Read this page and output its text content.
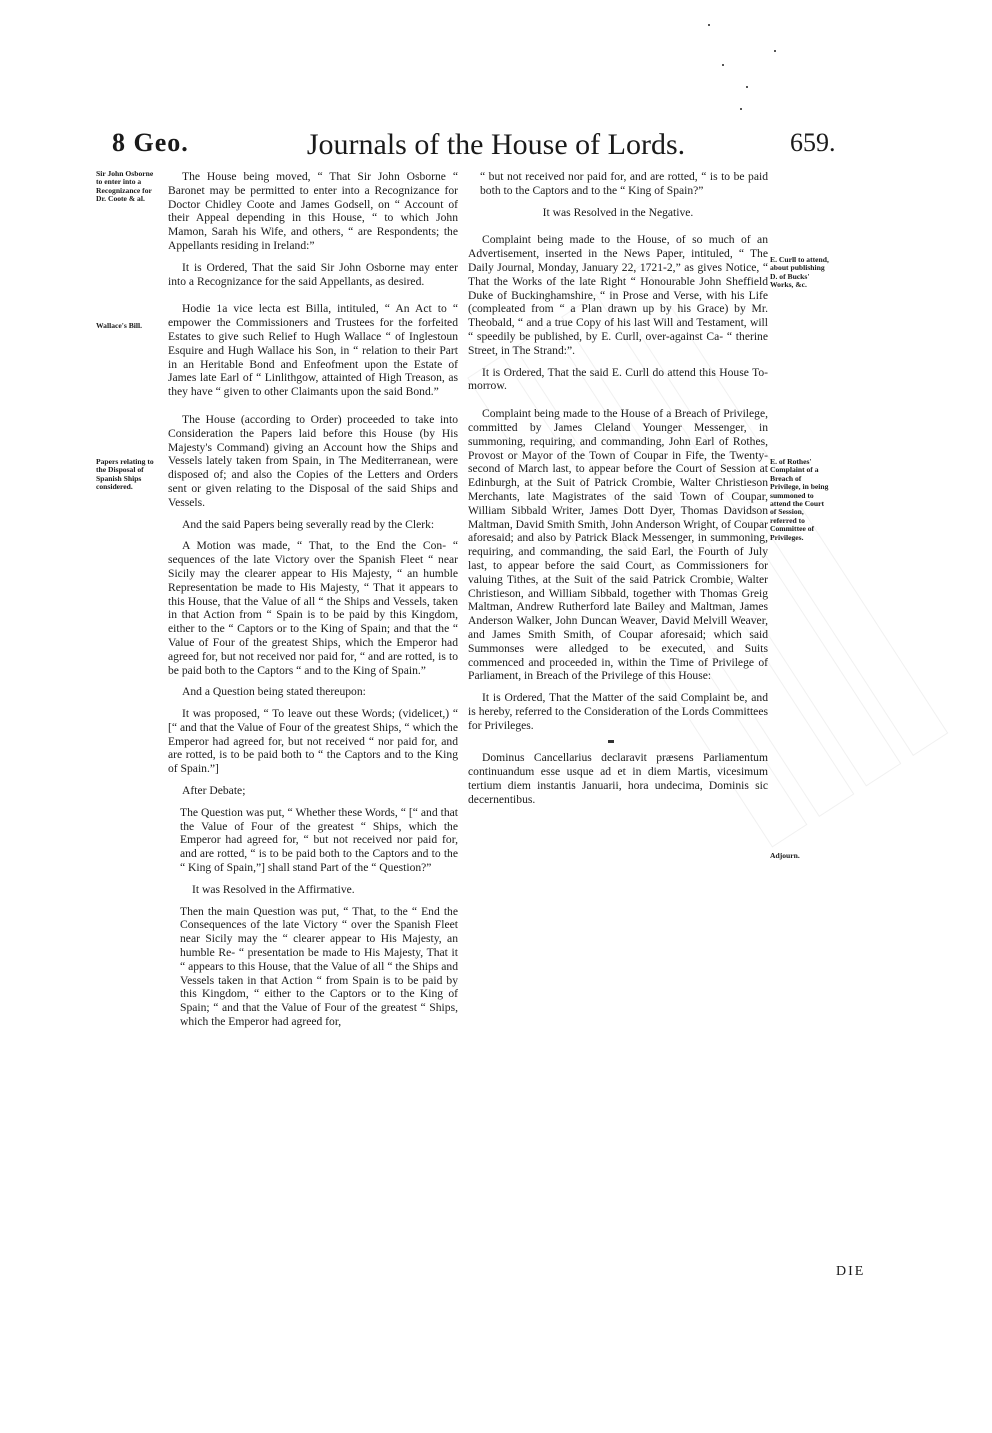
8 Geo.	Journals of the House of Lords.	659.
Sir John Osborne to enter into a Recognizance for Dr. Coote & al.
Wallace's Bill.
Papers relating to the Disposal of Spanish Ships considered.
E. Curll to attend, about publishing D. of Bucks' Works, &c.
E. of Rothes' Complaint of a Breach of Privilege, in being summoned to attend the Court of Session, referred to Committee of Privileges.
Adjourn.

The House being moved, “ That Sir John Osborne “ Baronet may be permitted to enter into a Recognizance for Doctor Chidley Coote and James Godsell, on “ Account of their Appeal depending in this House, “ to which John Mamon, Sarah his Wife, and others, “ are Respondents; the Appellants residing in Ireland:”

It is Ordered, That the said Sir John Osborne may enter into a Recognizance for the said Appellants, as desired.

Hodie 1a vice lecta est Billa, intituled, “ An Act to “ empower the Commissioners and Trustees for the forfeited Estates to give such Relief to Hugh Wallace “ of Inglestoun Esquire and Hugh Wallace his Son, in “ relation to their Part in an Heritable Bond and Enfeofment upon the Estate of James late Earl of “ Linlithgow, attainted of High Treason, as they have “ given to other Claimants upon the said Bond.”

The House (according to Order) proceeded to take into Consideration the Papers laid before this House (by His Majesty's Command) giving an Account how the Ships and Vessels lately taken from Spain, in The Mediterranean, were disposed of; and also the Copies of the Letters and Orders sent or given relating to the Disposal of the said Ships and Vessels.

And the said Papers being severally read by the Clerk:

A Motion was made, “ That, to the End the Con- “ sequences of the late Victory over the Spanish Fleet “ near Sicily may the clearer appear to His Majesty, “ an humble Representation be made to His Majesty, “ That it appears to this House, that the Value of all “ the Ships and Vessels, taken in that Action from “ Spain is to be paid by this Kingdom, either to the “ Captors or to the King of Spain; and that the “ Value of Four of the greatest Ships, which the Emperor had agreed for, but not received nor paid for, “ and are rotted, is to be paid both to the Captors “ and to the King of Spain.”

And a Question being stated thereupon:

It was proposed, “ To leave out these Words; (videlicet,) “ [“ and that the Value of Four of the greatest Ships, “ which the Emperor had agreed for, but not received “ nor paid for, and are rotted, is to be paid both to “ the Captors and to the King of Spain.”]

After Debate;

The Question was put, “ Whether these Words, “ [“ and that the Value of Four of the greatest “ Ships, which the Emperor had agreed for, “ but not received nor paid for, and are rotted, “ is to be paid both to the Captors and to the “ King of Spain,”] shall stand Part of the “ Question?”

It was Resolved in the Affirmative.

Then the main Question was put, “ That, to the “ End the Consequences of the late Victory “ over the Spanish Fleet near Sicily may the “ clearer appear to His Majesty, an humble Re- “ presentation be made to His Majesty, That it “ appears to this House, that the Value of all “ the Ships and Vessels taken in that Action “ from Spain is to be paid by this Kingdom, “ either to the Captors or to the King of Spain; “ and that the Value of Four of the greatest “ Ships, which the Emperor had agreed for,

“ but not received nor paid for, and are rotted, “ is to be paid both to the Captors and to the “ King of Spain?”

It was Resolved in the Negative.

Complaint being made to the House, of so much of an Advertisement, inserted in the News Paper, intituled, “ The Daily Journal, Monday, January 22, 1721-2,” as gives Notice, “ That the Works of the late Right “ Honourable John Sheffield Duke of Buckinghamshire, “ in Prose and Verse, with his Life (compleated from “ a Plan drawn up by his Grace) by Mr. Theobald, “ and a true Copy of his last Will and Testament, will “ speedily be published, by E. Curll, over-against Ca- “ therine Street, in The Strand:”.

It is Ordered, That the said E. Curll do attend this House To-morrow.

Complaint being made to the House of a Breach of Privilege, committed by James Cleland Younger Messenger, in summoning, requiring, and commanding, John Earl of Rothes, Provost or Mayor of the Town of Coupar in Fife, the Twenty-second of March last, to appear before the Court of Session at Edinburgh, at the Suit of Patrick Crombie, Walter Christieson Merchants, late Magistrates of the said Town of Coupar, William Sibbald Writer, James Dott Dyer, Thomas Davidson Maltman, David Smith Smith, John Anderson Wright, of Coupar aforesaid; and also by Patrick Black Messenger, in summoning, requiring, and commanding, the said Earl, the Fourth of July last, to appear before the said Court, as Commissioners for valuing Tithes, at the Suit of the said Patrick Crombie, Walter Christieson, and William Sibbald, together with Thomas Greig Maltman, Andrew Rutherford late Bailey and Maltman, James Anderson Walker, John Duncan Weaver, David Melvill Weaver, and James Smith Smith, of Coupar aforesaid; which said Summonses were alledged to be executed, and Suits commenced and proceeded in, within the Time of Privilege of Parliament, in Breach of the Privilege of this House:

It is Ordered, That the Matter of the said Complaint be, and is hereby, referred to the Consideration of the Lords Committees for Privileges.

Dominus Cancellarius declaravit præsens Parliamentum continuandum esse usque ad et in diem Martis, vicesimum tertium diem instantis Januarii, hora undecima, Dominis sic decernentibus.

DIE
